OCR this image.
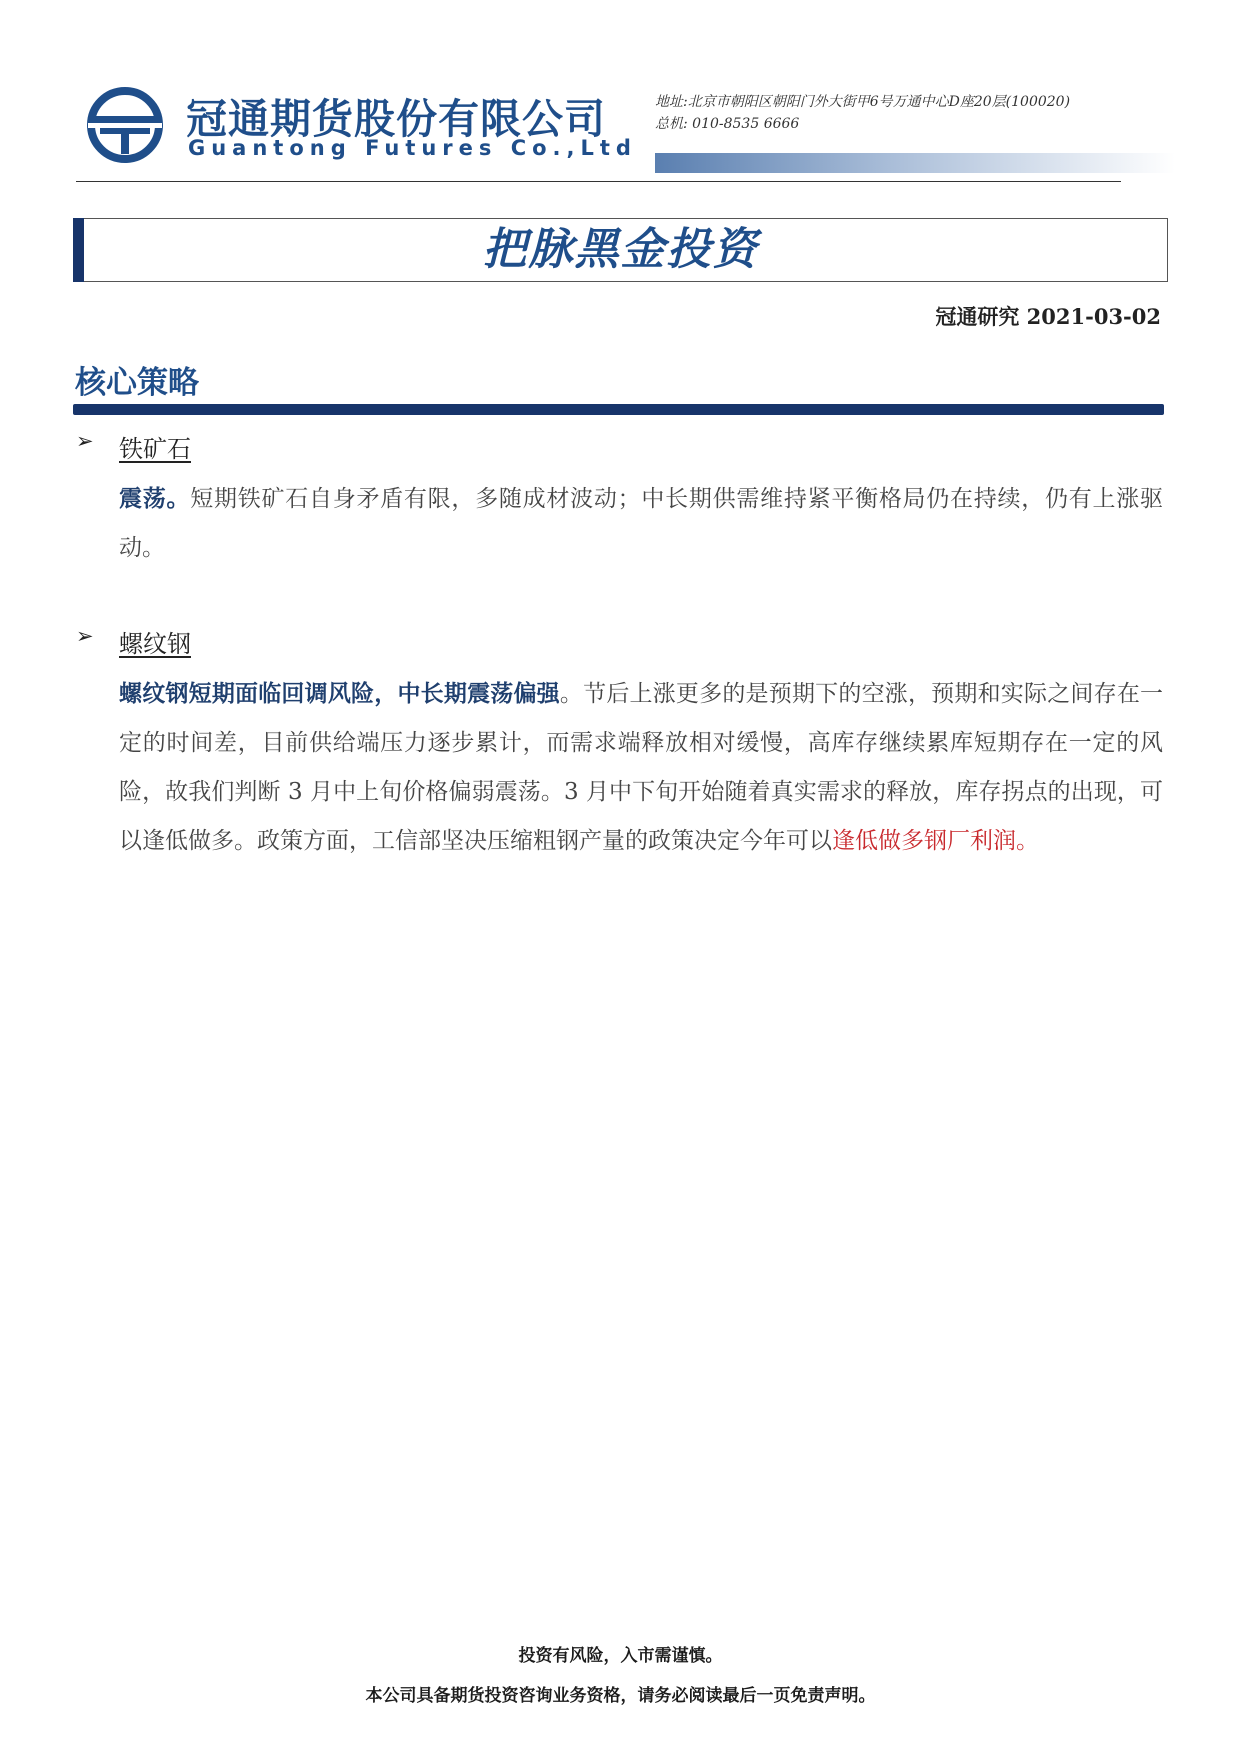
冠通期货股份有限公司
Guantong Futures Co.,Ltd
地址:北京市朝阳区朝阳门外大街甲6号万通中心D座20层(100020)
总机: 010-8535 6666
把脉黑金投资
冠通研究 2021-03-02
核心策略
➢ 铁矿石
震荡。短期铁矿石自身矛盾有限，多随成材波动；中长期供需维持紧平衡格局仍在持续，仍有上涨驱动。
➢ 螺纹钢
螺纹钢短期面临回调风险，中长期震荡偏强。节后上涨更多的是预期下的空涨，预期和实际之间存在一定的时间差，目前供给端压力逐步累计，而需求端释放相对缓慢，高库存继续累库短期存在一定的风险，故我们判断 3 月中上旬价格偏弱震荡。3 月中下旬开始随着真实需求的释放，库存拐点的出现，可以逢低做多。政策方面，工信部坚决压缩粗钢产量的政策决定今年可以逢低做多钢厂利润。
投资有风险，入市需谨慎。
本公司具备期货投资咨询业务资格，请务必阅读最后一页免责声明。
